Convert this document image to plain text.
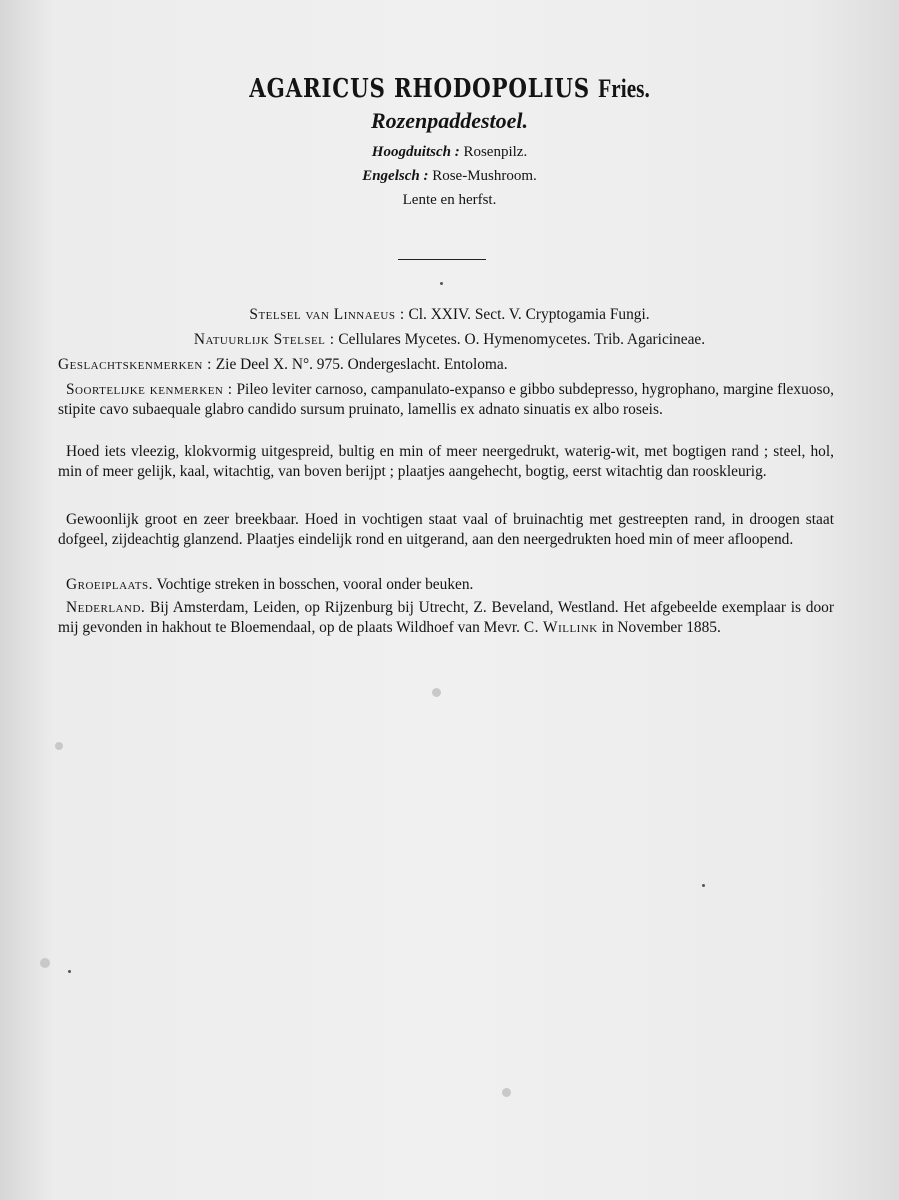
AGARICUS RHODOPOLIUS Fries.
Rozenpaddestoel.
Hoogduitsch : Rosenpilz.
Engelsch : Rose-Mushroom.
Lente en herfst.
Stelsel van Linnaeus : Cl. XXIV. Sect. V. Cryptogamia Fungi.
Natuurlijk Stelsel : Cellulares Mycetes. O. Hymenomycetes. Trib. Agaricineae.
Geslachtskenmerken : Zie Deel X. N°. 975. Ondergeslacht. Entoloma.
Soortelijke kenmerken : Pileo leviter carnoso, campanulato-expanso e gibbo subdepresso, hygrophano, margine flexuoso, stipite cavo subaequale glabro candido sursum pruinato, lamellis ex adnato sinuatis ex albo roseis.
Hoed iets vleezig, klokvormig uitgespreid, bultig en min of meer neergedrukt, waterig-wit, met bogtigen rand ; steel, hol, min of meer gelijk, kaal, witachtig, van boven berijpt ; plaatjes aangehecht, bogtig, eerst witachtig dan rooskleurig.
Gewoonlijk groot en zeer breekbaar. Hoed in vochtigen staat vaal of bruinachtig met gestreepten rand, in droogen staat dofgeel, zijdeachtig glanzend. Plaatjes eindelijk rond en uitgerand, aan den neergedrukten hoed min of meer afloopend.
Groeiplaats. Vochtige streken in bosschen, vooral onder beuken.
Nederland. Bij Amsterdam, Leiden, op Rijzenburg bij Utrecht, Z. Beveland, Westland. Het afgebeelde exemplaar is door mij gevonden in hakhout te Bloemendaal, op de plaats Wildhoef van Mevr. C. Willink in November 1885.
